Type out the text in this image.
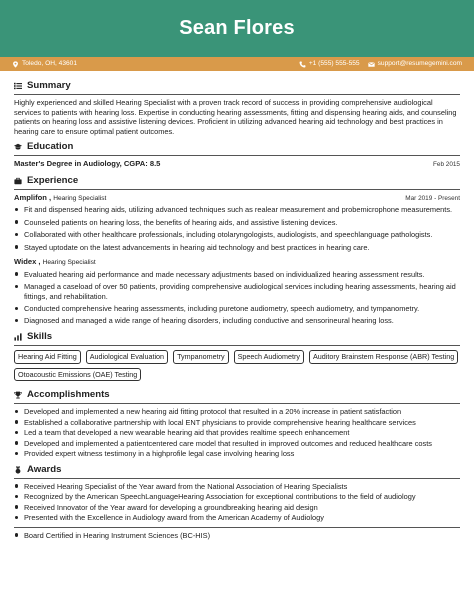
Sean Flores
Toledo, OH, 43601	+1 (555) 555-555	support@resumegemini.com
Summary

Highly experienced and skilled Hearing Specialist with a proven track record of success in providing comprehensive audiological services to patients with hearing loss. Expertise in conducting hearing assessments, fitting and dispensing hearing aids, and counseling patients on hearing loss and assistive listening devices. Proficient in utilizing advanced hearing aid technology and best practices in hearing care to ensure optimal patient outcomes.

Education
Master's Degree in Audiology, CGPA: 8.5	Feb 2015
Experience
Amplifon , Hearing Specialist	Mar 2019 - Present
Fit and dispensed hearing aids, utilizing advanced techniques such as realear measurement and probemicrophone measurements.
Counseled patients on hearing loss, the benefits of hearing aids, and assistive listening devices.
Collaborated with other healthcare professionals, including otolaryngologists, audiologists, and speechlanguage pathologists.
Stayed uptodate on the latest advancements in hearing aid technology and best practices in hearing care.
Widex , Hearing Specialist
Evaluated hearing aid performance and made necessary adjustments based on individualized hearing assessment results.
Managed a caseload of over 50 patients, providing comprehensive audiological services including hearing assessments, hearing aid fittings, and rehabilitation.
Conducted comprehensive hearing assessments, including puretone audiometry, speech audiometry, and tympanometry.
Diagnosed and managed a wide range of hearing disorders, including conductive and sensorineural hearing loss.
Skills
Hearing Aid Fitting	Audiological Evaluation	Tympanometry	Speech Audiometry	Auditory Brainstem Response (ABR) Testing
Otoacoustic Emissions (OAE) Testing
Accomplishments
Developed and implemented a new hearing aid fitting protocol that resulted in a 20% increase in patient satisfaction
Established a collaborative partnership with local ENT physicians to provide comprehensive hearing healthcare services
Led a team that developed a new wearable hearing aid that provides realtime speech enhancement
Developed and implemented a patientcentered care model that resulted in improved outcomes and reduced healthcare costs
Provided expert witness testimony in a highprofile legal case involving hearing loss
Awards
Received Hearing Specialist of the Year award from the National Association of Hearing Specialists
Recognized by the American SpeechLanguageHearing Association for exceptional contributions to the field of audiology
Received Innovator of the Year award for developing a groundbreaking hearing aid design
Presented with the Excellence in Audiology award from the American Academy of Audiology
Board Certified in Hearing Instrument Sciences (BC-HIS)
